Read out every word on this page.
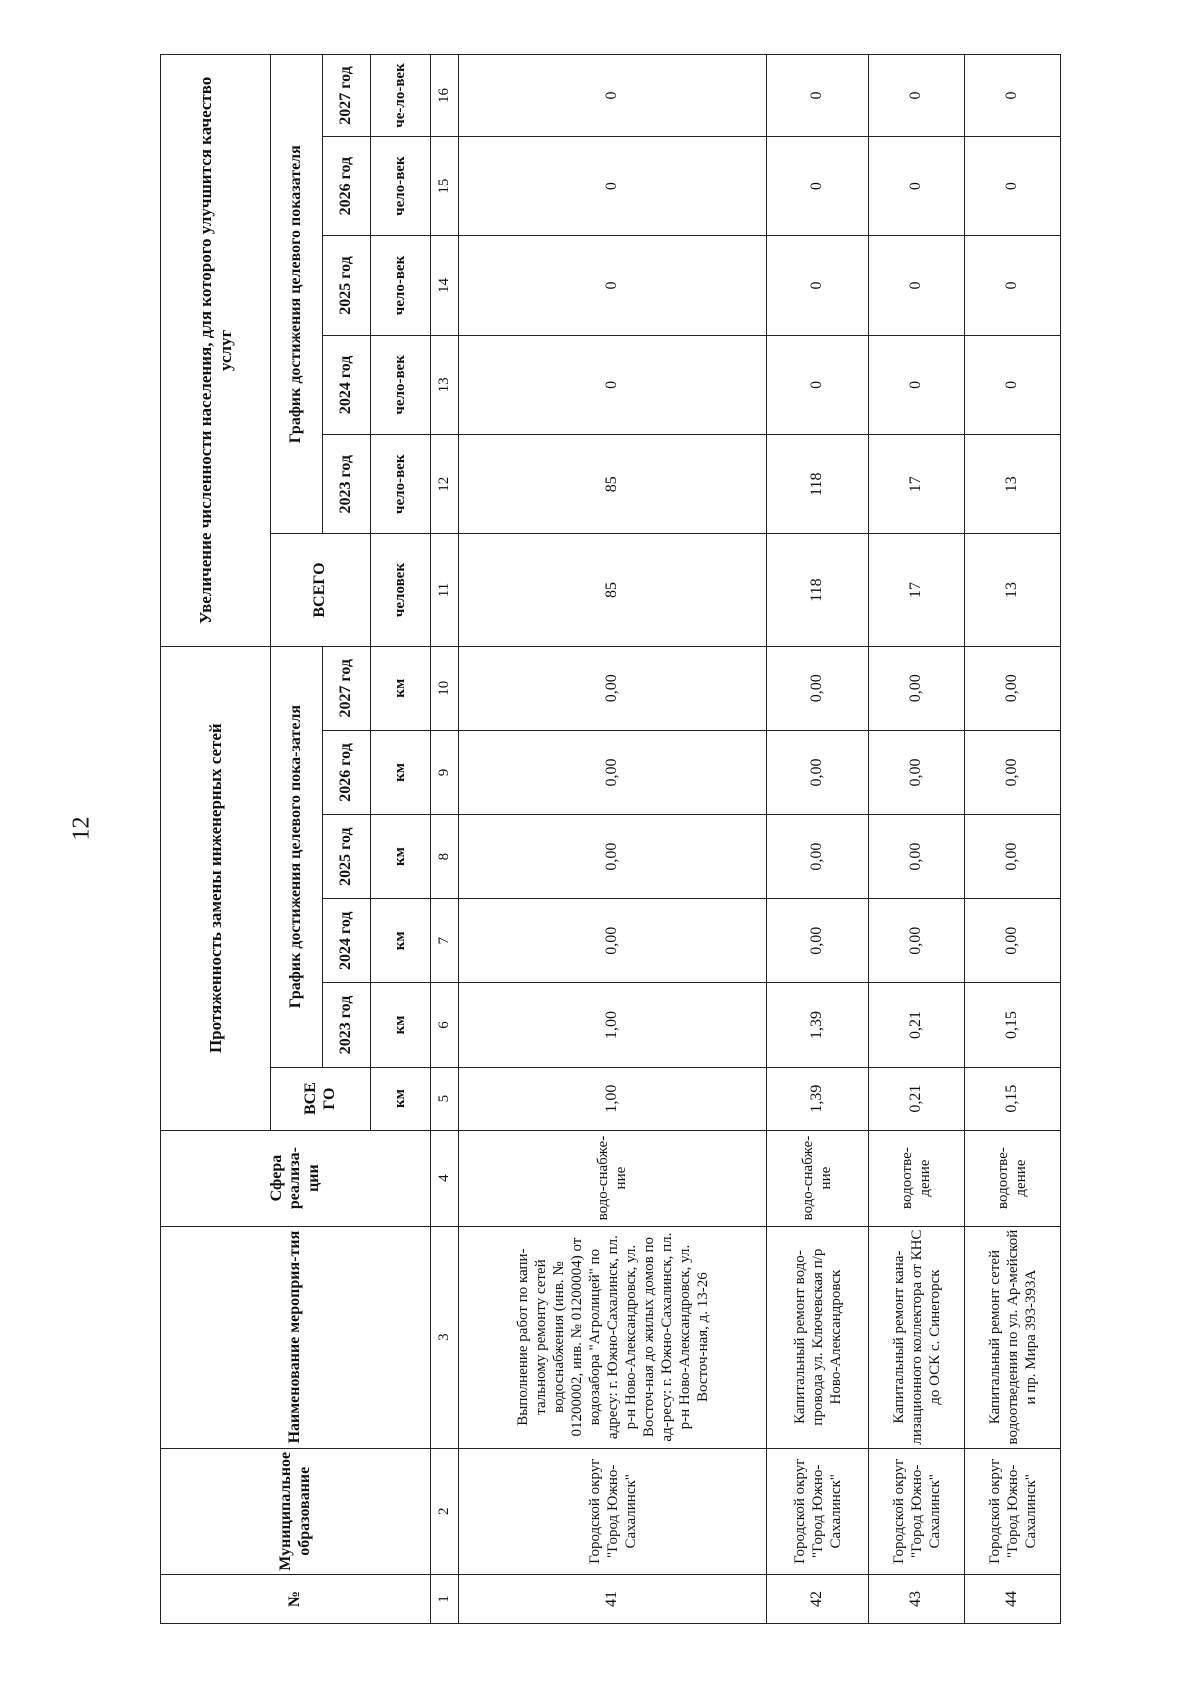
12
№	Муниципальное образование	Наименование мероприя-тия	Сфера реализа-ции	Протяженность замены инженерных сетей						Увеличение численности населения, для которого улучшится качество услуг					
				ВСЕ ГО	График достижения целевого пока-зателя					ВСЕГО	График достижения целевого показателя				
					2023 год	2024 год	2025 год	2026 год	2027 год		2023 год	2024 год	2025 год	2026 год	2027 год
				км	км	км	км	км	км	человек	чело-век	чело-век	чело-век	чело-век	че-ло-век
1	2	3	4	5	6	7	8	9	10	11	12	13	14	15	16
41	Городской округ "Город Южно-Сахалинск"	Выполнение работ по капи-тальному ремонту сетей водоснабжения (инв. № 01200002, инв. № 01200004) от водозабора "Агролицей" по адресу: г. Южно-Сахалинск, пл. р-н Ново-Александровск, ул. Восточ-ная до жилых домов по ад-ресу: г. Южно-Сахалинск, пл. р-н Ново-Александровск, ул. Восточ-ная, д. 13-26	водо-снабже-ние	1,00	1,00	0,00	0,00	0,00	0,00	85	85	0	0	0	0
42	Городской округ "Город Южно-Сахалинск"	Капитальный ремонт водо-провода ул. Ключевская п/р Ново-Александровск	водо-снабже-ние	1,39	1,39	0,00	0,00	0,00	0,00	118	118	0	0	0	0
43	Городской округ "Город Южно-Сахалинск"	Капитальный ремонт кана-лизационного коллектора от КНС до ОСК с. Синегорск	водоотве-дение	0,21	0,21	0,00	0,00	0,00	0,00	17	17	0	0	0	0
44	Городской округ "Город Южно-Сахалинск"	Капитальный ремонт сетей водоотведения по ул. Ар-мейской и пр. Мира 393-393А	водоотве-дение	0,15	0,15	0,00	0,00	0,00	0,00	13	13	0	0	0	0
